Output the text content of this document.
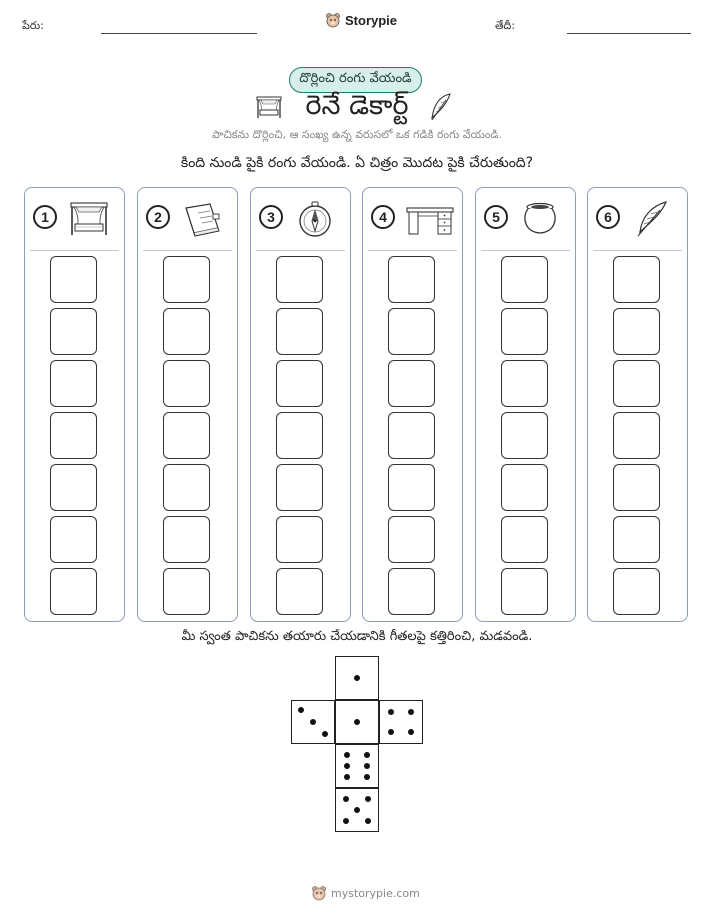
పేరు:	Storypie	తేదీ:
దొర్లించి రంగు వేయండి
రెనే డెకార్ట్
పాచికను దొర్లించి, ఆ సంఖ్య ఉన్న వరుసలో ఒక గడికి రంగు వేయండి.
కింది నుండి పైకి రంగు వేయండి. ఏ చిత్రం మొదట పైకి చేరుతుంది?
1	2	3	4	5	6
మీ స్వంత పాచికను తయారు చేయడానికి గీతలపై కత్తిరించి, మడవండి.
mystorypie.com
